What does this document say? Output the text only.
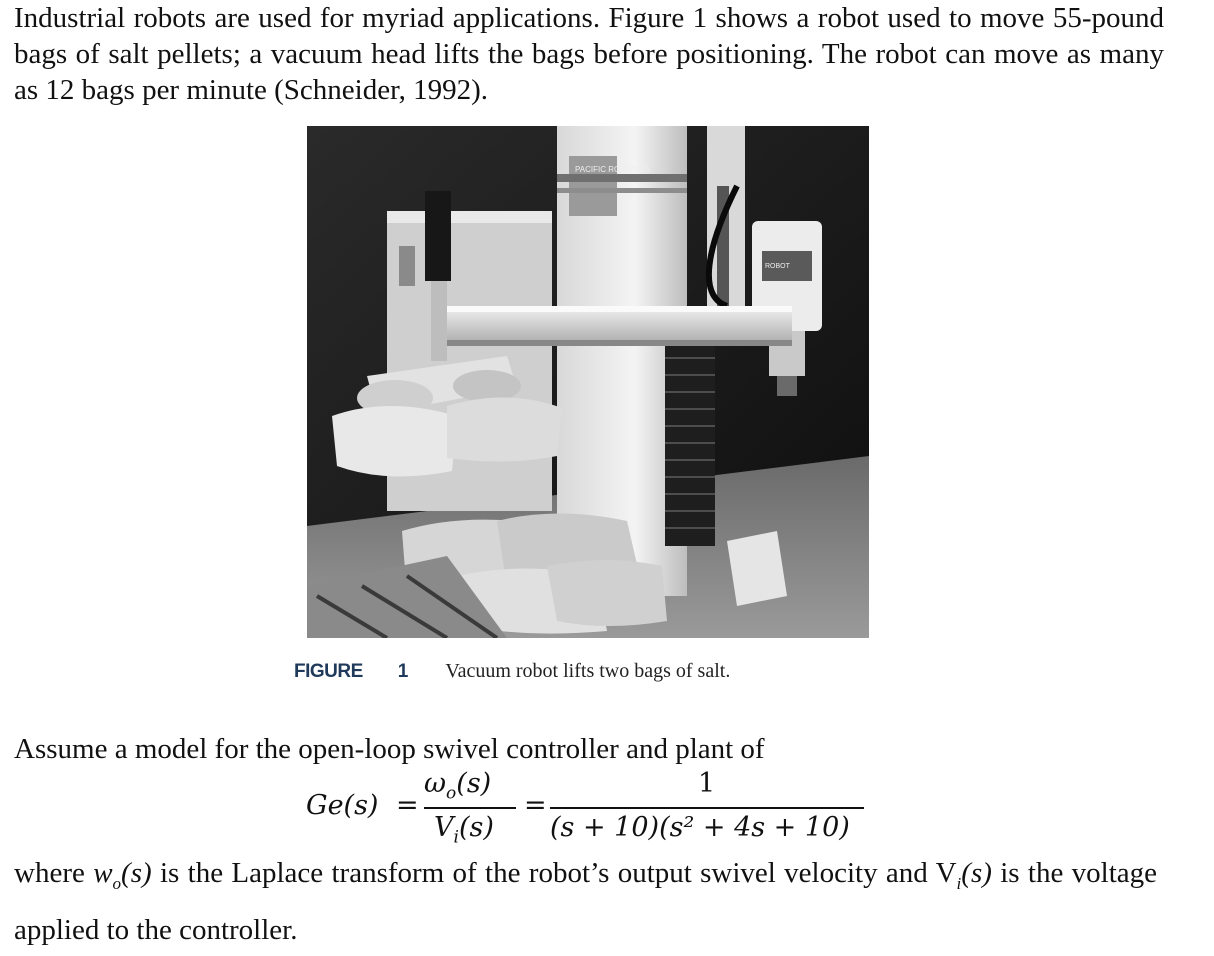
Industrial robots are used for myriad applications. Figure 1 shows a robot used to move 55-pound bags of salt pellets; a vacuum head lifts the bags before positioning. The robot can move as many as 12 bags per minute (Schneider, 1992).

PACIFIC ROBOTICS
ROBOT
FIGURE 1 Vacuum robot lifts two bags of salt.

Assume a model for the open-loop swivel controller and plant of

Ge(s) =
$\omega_o(s)$
$V_i(s)$
=
1
(s + 10)(s² + 4s + 10)

where $w_o(s)$ is the Laplace transform of the robot’s output swivel velocity and $V_i(s)$ is the voltage applied to the controller.
